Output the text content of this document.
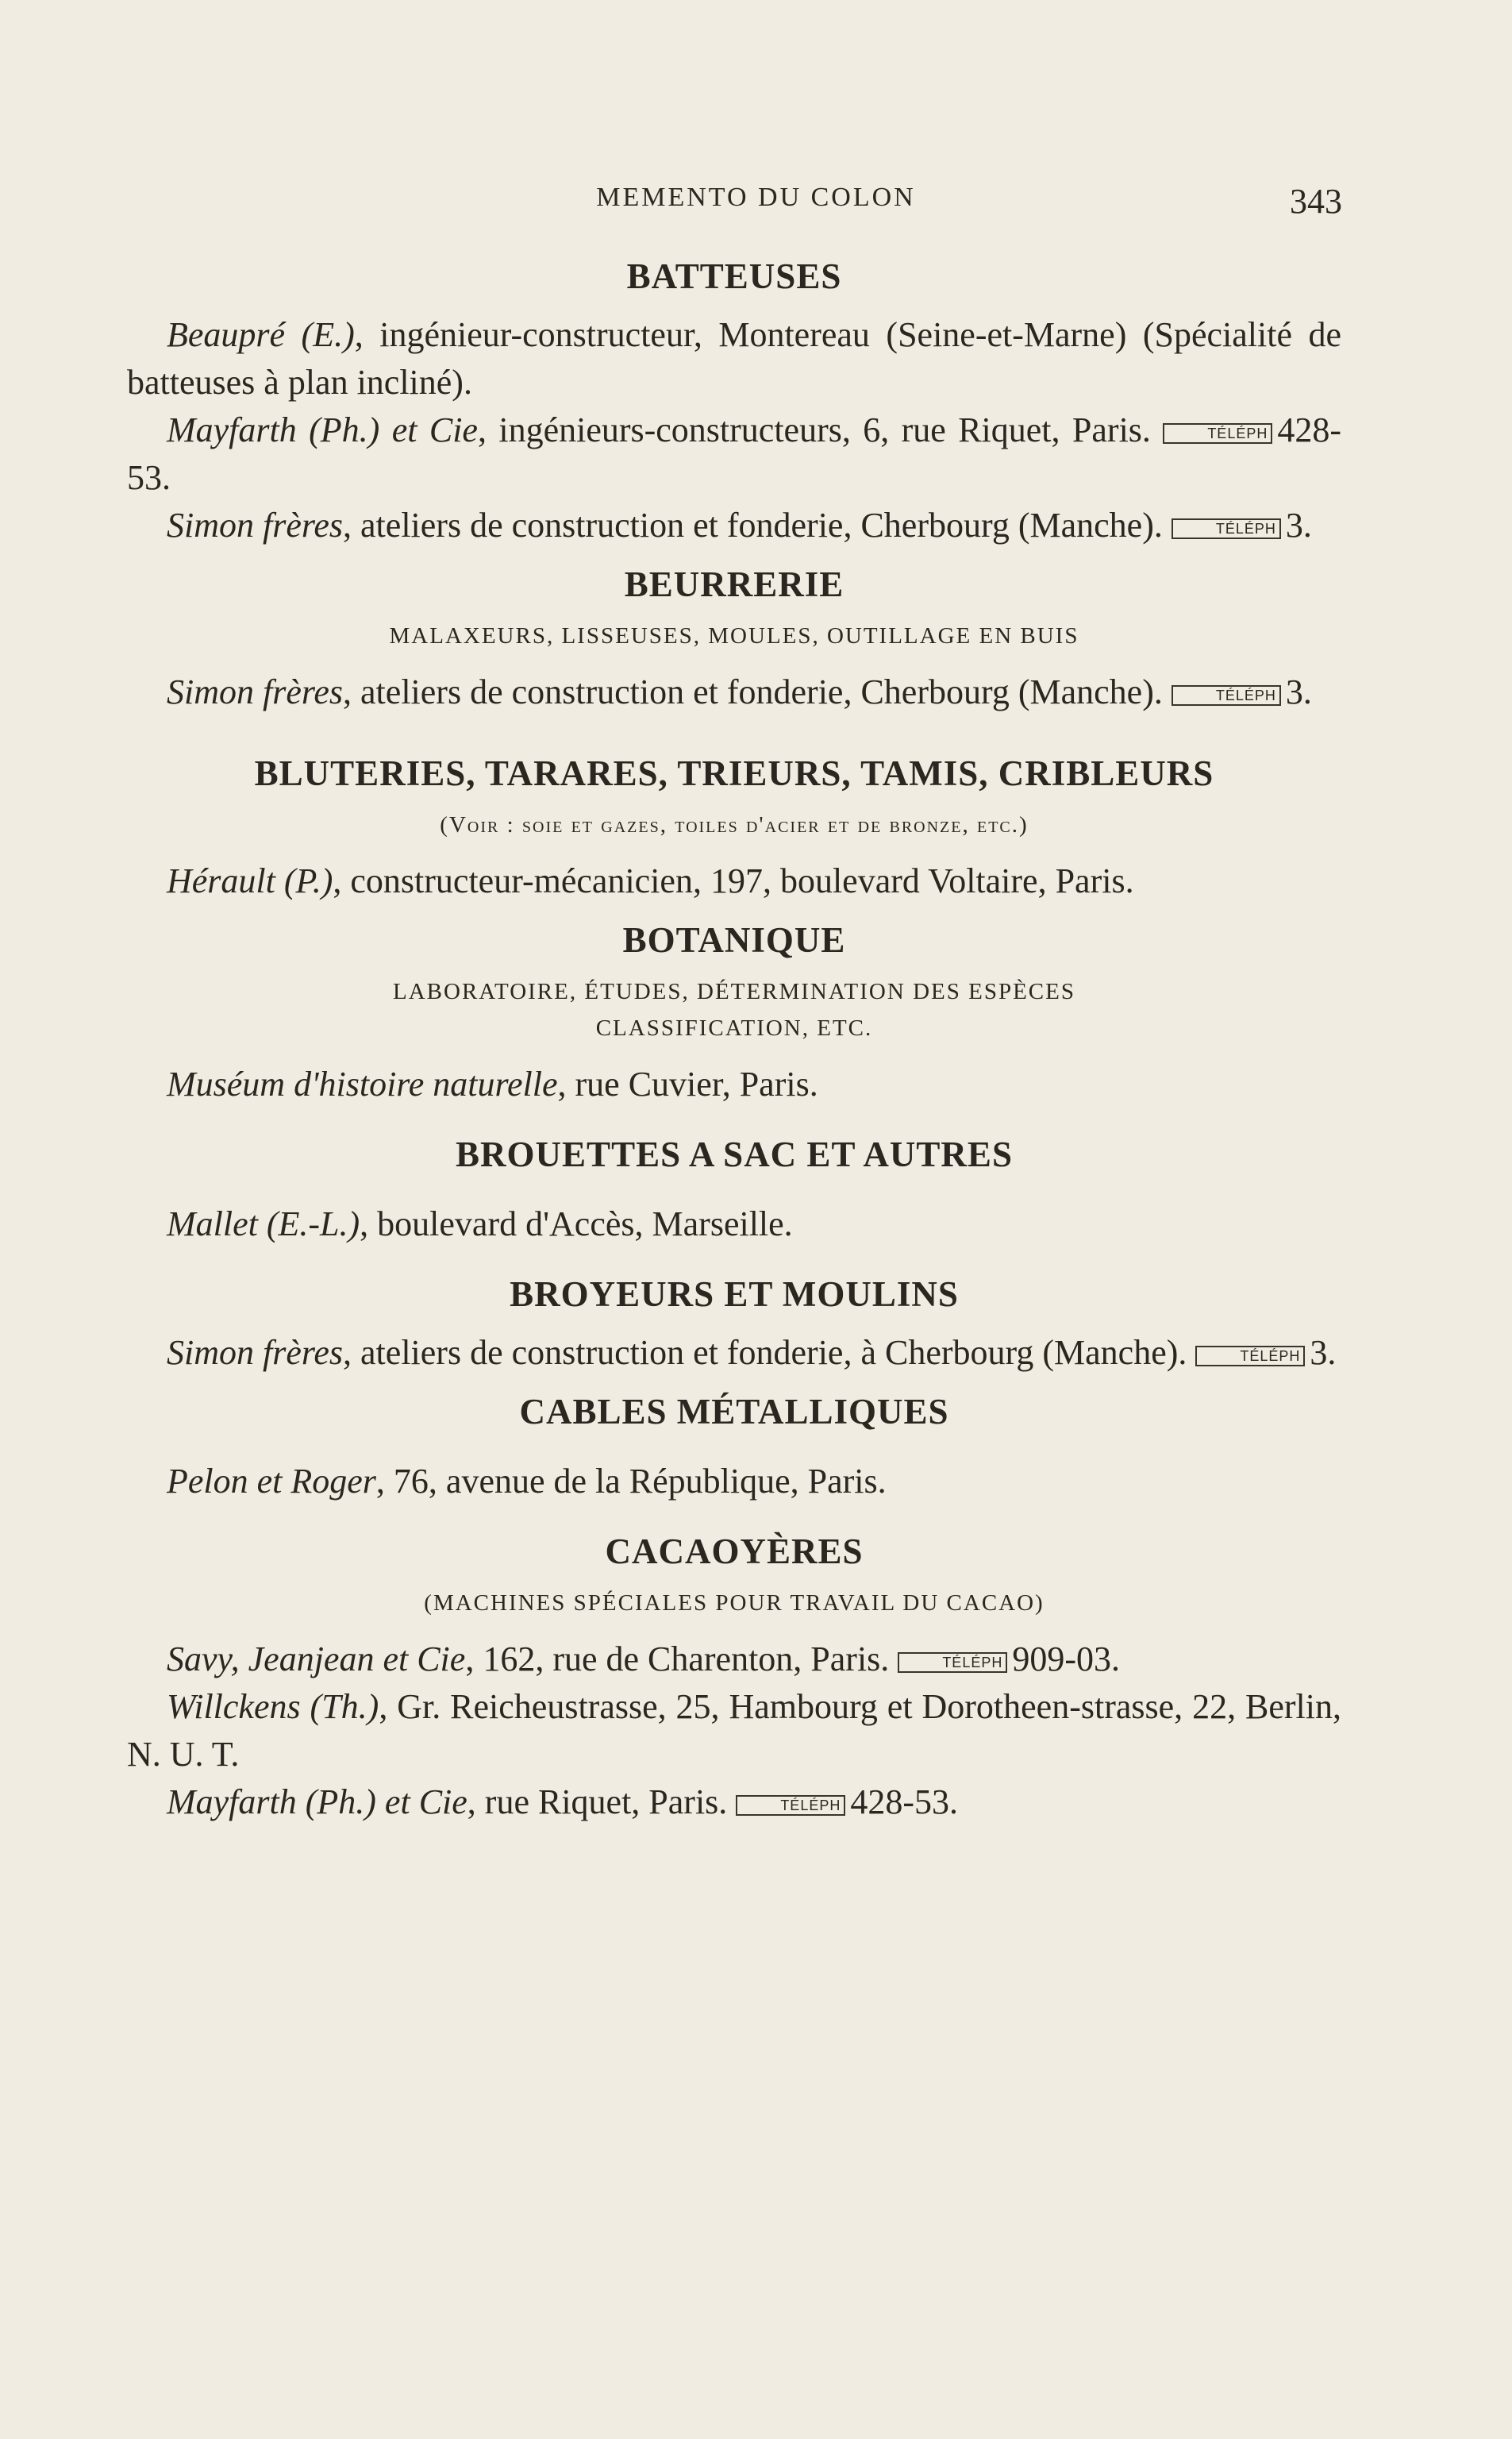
MEMENTO DU COLON	343
BATTEUSES

Beaupré (E.), ingénieur-constructeur, Montereau (Seine-et-Marne) (Spécialité de batteuses à plan incliné).

Mayfarth (Ph.) et Cie, ingénieurs-constructeurs, 6, rue Riquet, Paris.	TÉLÉPH 428-53.

Simon frères, ateliers de construction et fonderie, Cherbourg (Manche).	TÉLÉPH 3.

BEURRERIE
MALAXEURS, LISSEUSES, MOULES, OUTILLAGE EN BUIS

Simon frères, ateliers de construction et fonderie, Cherbourg (Manche).	TÉLÉPH 3.

BLUTERIES, TARARES, TRIEURS, TAMIS, CRIBLEURS
(Voir : soie et gazes, toiles d'acier et de bronze, etc.)

Hérault (P.), constructeur-mécanicien, 197, boulevard Voltaire, Paris.

BOTANIQUE
LABORATOIRE, ÉTUDES, DÉTERMINATION DES ESPÈCES
CLASSIFICATION, ETC.

Muséum d'histoire naturelle, rue Cuvier, Paris.

BROUETTES A SAC ET AUTRES

Mallet (E.-L.), boulevard d'Accès, Marseille.

BROYEURS ET MOULINS

Simon frères, ateliers de construction et fonderie, à Cherbourg (Manche).	TÉLÉPH 3.

CABLES MÉTALLIQUES

Pelon et Roger, 76, avenue de la République, Paris.

CACAOYÈRES
(MACHINES SPÉCIALES POUR TRAVAIL DU CACAO)

Savy, Jeanjean et Cie, 162, rue de Charenton, Paris.	TÉLÉPH 909-03.

Willckens (Th.), Gr. Reicheustrasse, 25, Hambourg et Dorotheen-strasse, 22, Berlin, N. U. T.

Mayfarth (Ph.) et Cie, rue Riquet, Paris.	TÉLÉPH 428-53.
